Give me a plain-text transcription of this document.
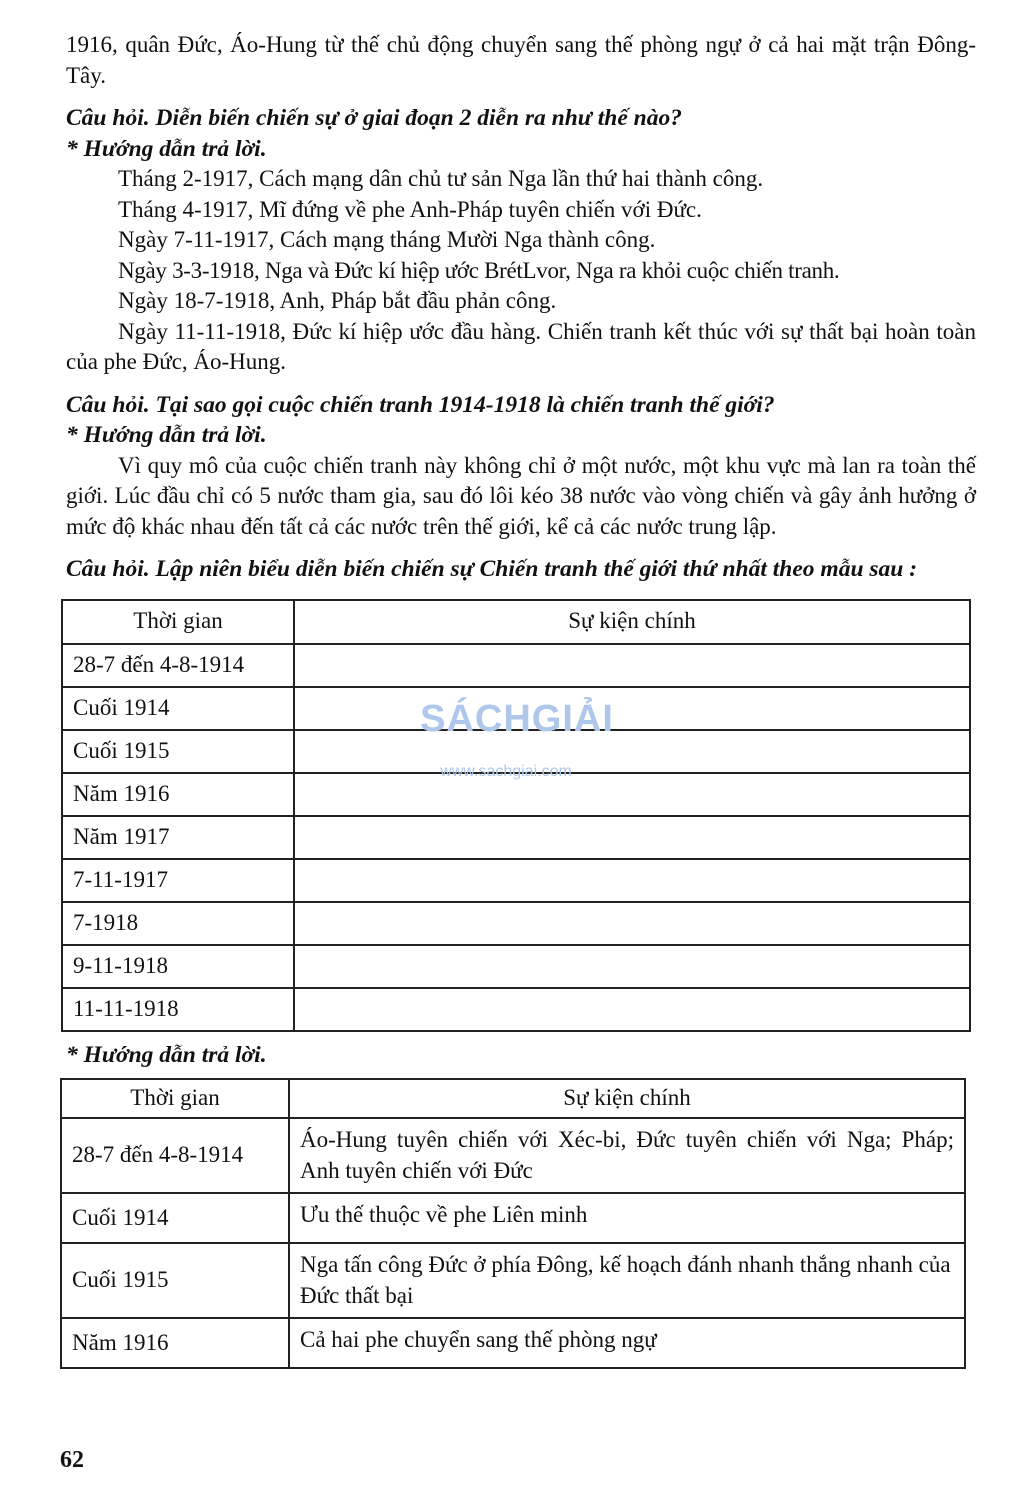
1916, quân Đức, Áo-Hung từ thế chủ động chuyển sang thế phòng ngự ở cả hai mặt trận Đông-Tây.

Câu hỏi. Diễn biến chiến sự ở giai đoạn 2 diễn ra như thế nào?

* Hướng dẫn trả lời.

Tháng 2-1917, Cách mạng dân chủ tư sản Nga lần thứ hai thành công.

Tháng 4-1917, Mĩ đứng về phe Anh-Pháp tuyên chiến với Đức.

Ngày 7-11-1917, Cách mạng tháng Mười Nga thành công.

Ngày 3-3-1918, Nga và Đức kí hiệp ước BrétLvor, Nga ra khỏi cuộc chiến tranh.

Ngày 18-7-1918, Anh, Pháp bắt đầu phản công.

Ngày 11-11-1918, Đức kí hiệp ước đầu hàng. Chiến tranh kết thúc với sự thất bại hoàn toàn của phe Đức, Áo-Hung.

Câu hỏi. Tại sao gọi cuộc chiến tranh 1914-1918 là chiến tranh thế giới?

* Hướng dẫn trả lời.

Vì quy mô của cuộc chiến tranh này không chỉ ở một nước, một khu vực mà lan ra toàn thế giới. Lúc đầu chỉ có 5 nước tham gia, sau đó lôi kéo 38 nước vào vòng chiến và gây ảnh hưởng ở mức độ khác nhau đến tất cả các nước trên thế giới, kể cả các nước trung lập.

Câu hỏi. Lập niên biểu diễn biến chiến sự Chiến tranh thế giới thứ nhất theo mẫu sau :

Thời gian	Sự kiện chính
28-7 đến 4-8-1914	
Cuối 1914	
Cuối 1915	
Năm 1916	
Năm 1917	
7-11-1917	
7-1918	
9-11-1918	
11-11-1918	

* Hướng dẫn trả lời.

Thời gian	Sự kiện chính
28-7 đến 4-8-1914	Áo-Hung tuyên chiến với Xéc-bi, Đức tuyên chiến với Nga; Pháp; Anh tuyên chiến với Đức
Cuối 1914	Ưu thế thuộc về phe Liên minh
Cuối 1915	Nga tấn công Đức ở phía Đông, kế hoạch đánh nhanh thắng nhanh của Đức thất bại
Năm 1916	Cả hai phe chuyển sang thế phòng ngự
SÁCHGIẢI
www.sachgiai.com
62
